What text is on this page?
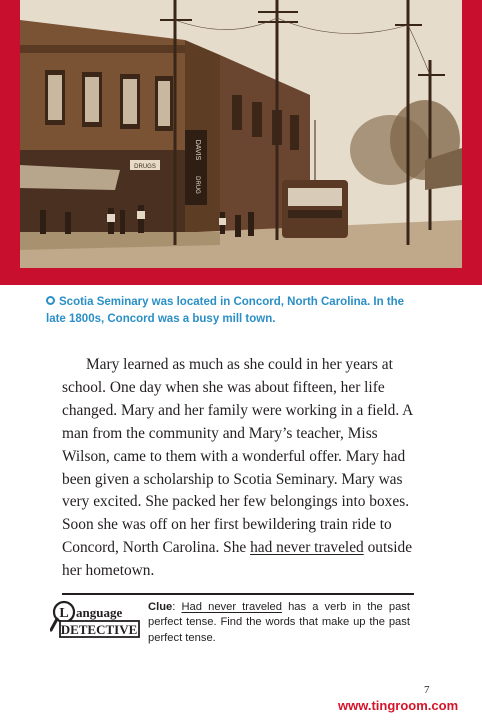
DRUGS
DAVIS
DRUG
Scotia Seminary was located in Concord, North Carolina. In the late 1800s, Concord was a busy mill town.

Mary learned as much as she could in her years at school. One day when she was about fifteen, her life changed. Mary and her family were working in a field. A man from the community and Mary’s teacher, Miss Wilson, came to them with a wonderful offer. Mary had been given a scholarship to Scotia Seminary. Mary was very excited. She packed her few belongings into boxes. Soon she was off on her first bewildering train ride to Concord, North Carolina. She had never traveled outside her hometown.

L anguage
DETECTIVE
Clue: Had never traveled has a verb in the past perfect tense. Find the words that make up the past perfect tense.
7
www.tingroom.com
